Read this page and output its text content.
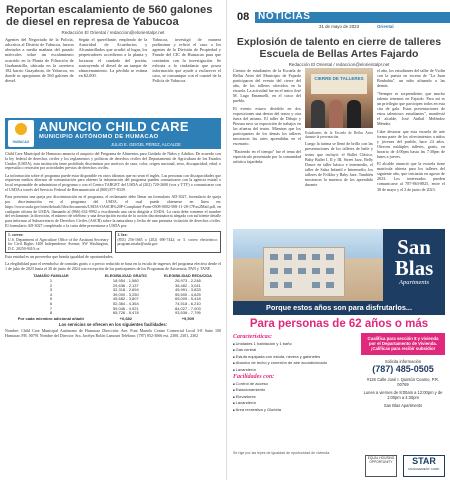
Reportan escalamiento de 560 galones de diesel en represa de Yabucoa
Redacción El Oriental / redaccion@elorientalpr.net

Agentes del Negociado de la Policía, adscritos al Distrito de Yabucoa, fueron alertados a media mañana del pasado miércoles sobre un escalamiento ocurrido en la Planta de Filtración de Guabanatilla, ubicada en la carretera 182 barrio Guayabota, de Yabucoa, en donde se apropiaron de 560 galones de diesel.

Según el querellante, empleado de la Autoridad de Acueductos y Alcantarillados que acudió al lugar, los perpetradores accedieron a la planta y forzaron el candado del portón, sustrayendo el diesel de un tanque de almacenamiento. La pérdida se estima en $2,000.

Yabucoa, investigó de manera preliminar y refirió el caso a los agentes de la División de Propiedad y Fraude del CIC de Humacao para que continúen con la investigación. Se exhorta a la ciudadanía que posea información que ayude a esclarecer el caso, se comunique con el cuartel de la Policía de Yabucoa.

HUMACAO
ANUNCIO CHILD CARE
MUNICIPIO AUTÓNOMO DE HUMACAO
JULIO E. GEIGEL PÉREZ, ALCALDE

Child Care Municipal de Humacao anuncia el auspicio del Programa de Alimentos para Cuidado de Niños y Adultos. De acuerdo con la ley federal de derechos civiles y los reglamentos y políticas de derechos civiles del Departamento de Agricultura de los Estados Unidos (USDA), esta institución tiene prohibido discriminar por motivos de raza, color, origen nacional, sexo, discapacidad, edad, o represalia o retorsión por actividades previas de derechos civiles.

La información sobre el programa puede estar disponible en otros idiomas que no sean el inglés. Las personas con discapacidades que requieran medios alternos de comunicación para obtener la información del programa pueden comunicarse con la agencia estatal o local responsable de administrar el programa o con el Centro TARGET del USDA al (202) 720-2600 (voz y TTY) o comunicarse con el USDA a través del Servicio Federal de Retransmisión al (800) 877-8339.

Para presentar una queja por discriminación en el programa, el reclamante debe llenar un formulario AD-3027, formulario de queja por discriminación en el programa del USDA, el cual puede obtenerse en línea en: https://www.usda.gov/sites/default/files/documents/USDA-OASCR%20P-Complaint-Form-0508-0002-508-11-28-17Fax2Mail.pdf, en cualquier oficina de USDA, llamando al (866) 632-9992 o escribiendo una carta dirigida a USDA. La carta debe contener el nombre del reclamante, la dirección, el número de teléfono y una descripción escrita de la acción discriminatoria alegada con suficiente detalle para informar al Subsecretario de Derechos Civiles (ASCR) sobre la naturaleza y fecha de una presunta violación de derechos civiles. El formulario AD-3027 completado o la carta debe presentarse a USDA por:

1. correo:
U.S. Department of Agriculture Office of the Assistant Secretary for Civil Rights 1400 Independence Avenue, SW Washington, D.C. 20250-9410; or
2. fax:
(833) 256-1665 o (202) 690-7442; or 3. correo electrónico: program.intake@usda.gov

Esta entidad es un proveedor que brinda igualdad de oportunidades.

La elegibilidad para el reembolso de comidas gratis o a precio reducido se basa en la escala de ingresos del programa efectiva desde el 1 de julio de 2023 hasta el 30 de junio de 2024 con excepción de los participantes de los Programas de Asistencia, PAN y TANF.

TAMAÑO FAMILIAR	ELEGIBILIDAD GRATIS	ELEGIBILIDAD REDUCIDA
1	18,954 - 1,580	26,973 - 2,248
2	25,636 - 2,137	36,482 - 3,041
3	32,318 - 2,694	45,991 - 3,833
4	39,000 - 3,250	55,500 - 4,625
5	45,682 - 3,807	65,009 - 5,418
6	52,364 - 4,364	74,518 - 6,210
7	59,046 - 4,921	84,027 - 7,003
8	65,728 - 5,478	93,536 - 7,795
Por cada miembro adicional añadir	+6,682	+9,509
Los servicios se ofrecen en los siguientes facilidades:

Nombre: Child Care Municipal Autónomo de Humacao Dirección: Ave. Font Martelo Centro Comercial Local 3-E Suite 100 Humacao P.R. 00791 Nombre del Director: Sra. Jacelyn Rolón Lamourt Teléfono: (787) 852-3066 ext. 2300, 2301, 2302

08 NOTICIAS
31 de mayo de 2023	Oriental
Explosión de talento en cierre de talleres Escuela de Bellas Artes Fajardo
Redacción El Oriental / redaccion@elorientalpr.net

Cientos de estudiantes de la Escuela de Bellas Artes del Municipio de Fajardo participaron del evento del cierre del año, de los talleres ofrecidos en la escuela. La actividad fue en el teatro José M. Lugo Emanuelli, en el casco del pueblo.

El evento estuvo dividido en dos exposiciones una dentro del teatro y otra fuera del mismo. El taller de Dibujo y Pintura tuvo su exposición de trabajos en las afueras del teatro. Mientras que los participantes de los demás los talleres mostraron las artes aprendidas en el escenario.

"Haciendo en el tiempo" fue el tema del espectáculo presentado por la comunidad artística fajardeña.

CIERRE DE TALLERES
Estudiantes de la Escuela de Bellas Artes durante la presentación.

Luego la tarima se llenó de brillo con las presentaciones de los talleres de baile y teatro que incluyó: el Ballet Clásico, Baby Ballet I, II y III, Street Jazz, Belly Dance en taller básico e intermedio, el taller de Salsa Infantil e Intermedio, los talleres de Folklor y Baby Jazz. También mostraron la muestra de los aprendido durante

el año, los estudiantes del taller de Violín con la puesta en escena de "La Juan Bonbahia", un niño afinando a las demás.

"Siempre es sorprendente, que mucho talento tenemos en Fajardo. Para mí es un privilegio que participen todos en esta cita de gala. Estas presentaciones de estos talentosos estudiantes", manifestó el alcalde, José Aníbal Meléndez Méndez.

Cabe destacar que esta escuela de arte forma parte de los ofrecimientos a niños y jóvenes del pueblo, hace 24 años. Ofrecen múltiples talleres, gratis, en horario de 4:00pm hasta las 7:30pm de lunes a jueves.

El alcalde anunció que la escuela tiene matrícula abierta para los talleres del siguiente año, que iniciarán en agosto de 2023. Los interesados pueden comunicarse al 787-863-8825, entre el 30 de mayo y el 2 de junio de 2023.

San
Blas
Apartments
Porque estos años son para disfrutarlos...
Para personas de 62 años o más
Características:
■ Unidades 1 habitación y 1 baño
■ Gas central
■ Estufa equipada con estufa, nevera y gabinetes
■ Abanico de techo y conexión de aire acondicionado
■ Lavandería
Facilidades con:
■ Control de acceso
■ Estacionamiento
■ Elevadores
■ Lavandería
■ Área recreativa y Glorieta
Cualifica para sección 8 y vivienda por el Departamento de Vivienda. ¡Calificas para recibir subsidio!
Solicita información
(787) 485-0505
#126 Calle José I. Quintón Coamo, P.R. 00769
Lunes a viernes de 8:00am a 12:00pm y de 1:00pm a 4:30pm
San Blas Apartments
Se rige por las leyes de igualdad de oportunidad de vivienda.
EQUAL HOUSING OPPORTUNITY	STAR
MANAGEMENT CORP.
